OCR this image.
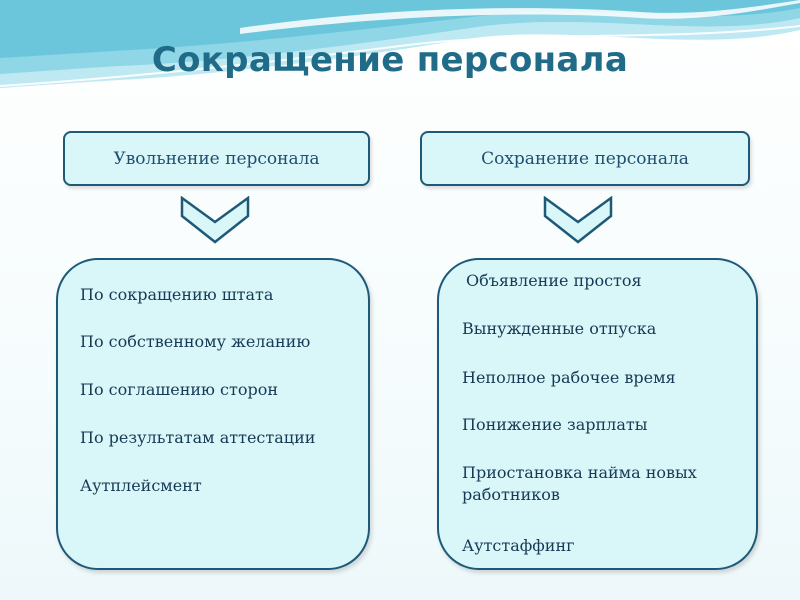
Сокращение персонала
Увольнение персонала	Сохранение персонала
По сокращению штата
По собственному желанию
По соглашению сторон
По результатам аттестации
Аутплейсмент
Объявление простоя
Вынужденные отпуска
Неполное рабочее время
Понижение зарплаты
Приостановка найма новых работников
Аутстаффинг
